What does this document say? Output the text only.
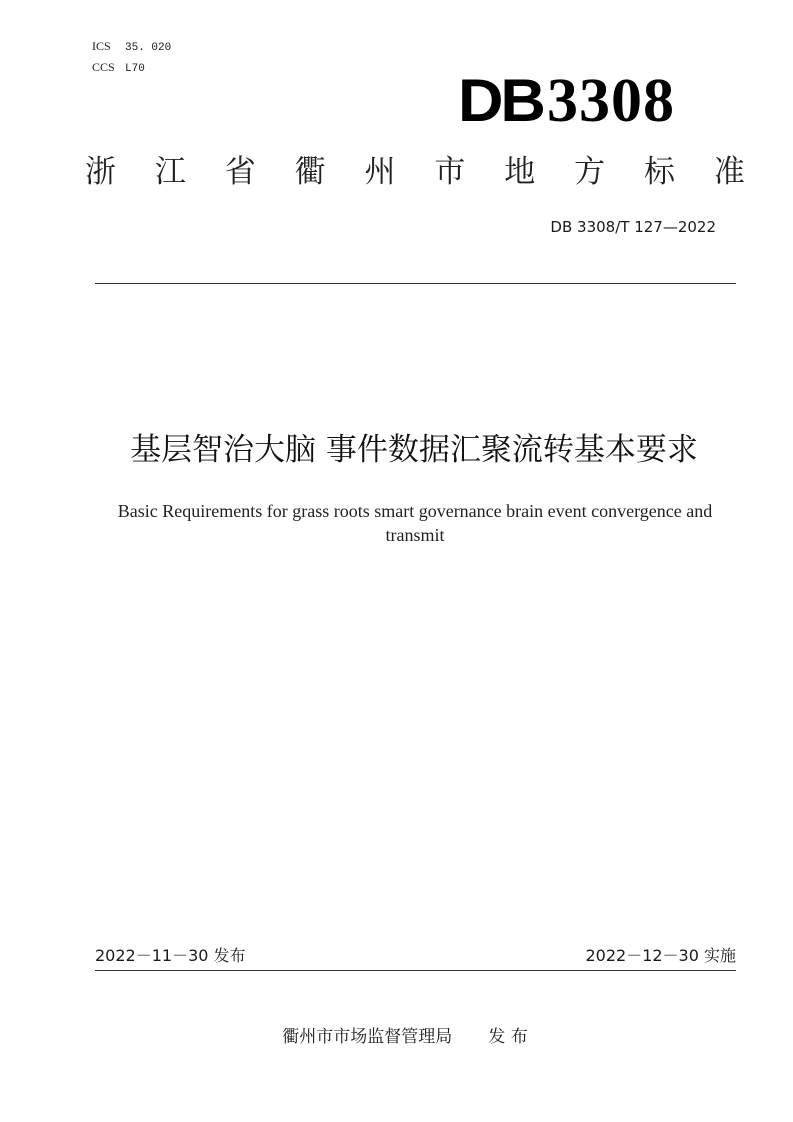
ICS 35. 020
CCS L70	DB3308
浙 江 省 衢 州 市 地 方 标 准
DB 3308/T 127—2022
基层智治大脑 事件数据汇聚流转基本要求
Basic Requirements for grass roots smart governance brain event convergence and
transmit
2022－11－30 发布	2022－12－30 实施
衢州市市场监督管理局 发 布
